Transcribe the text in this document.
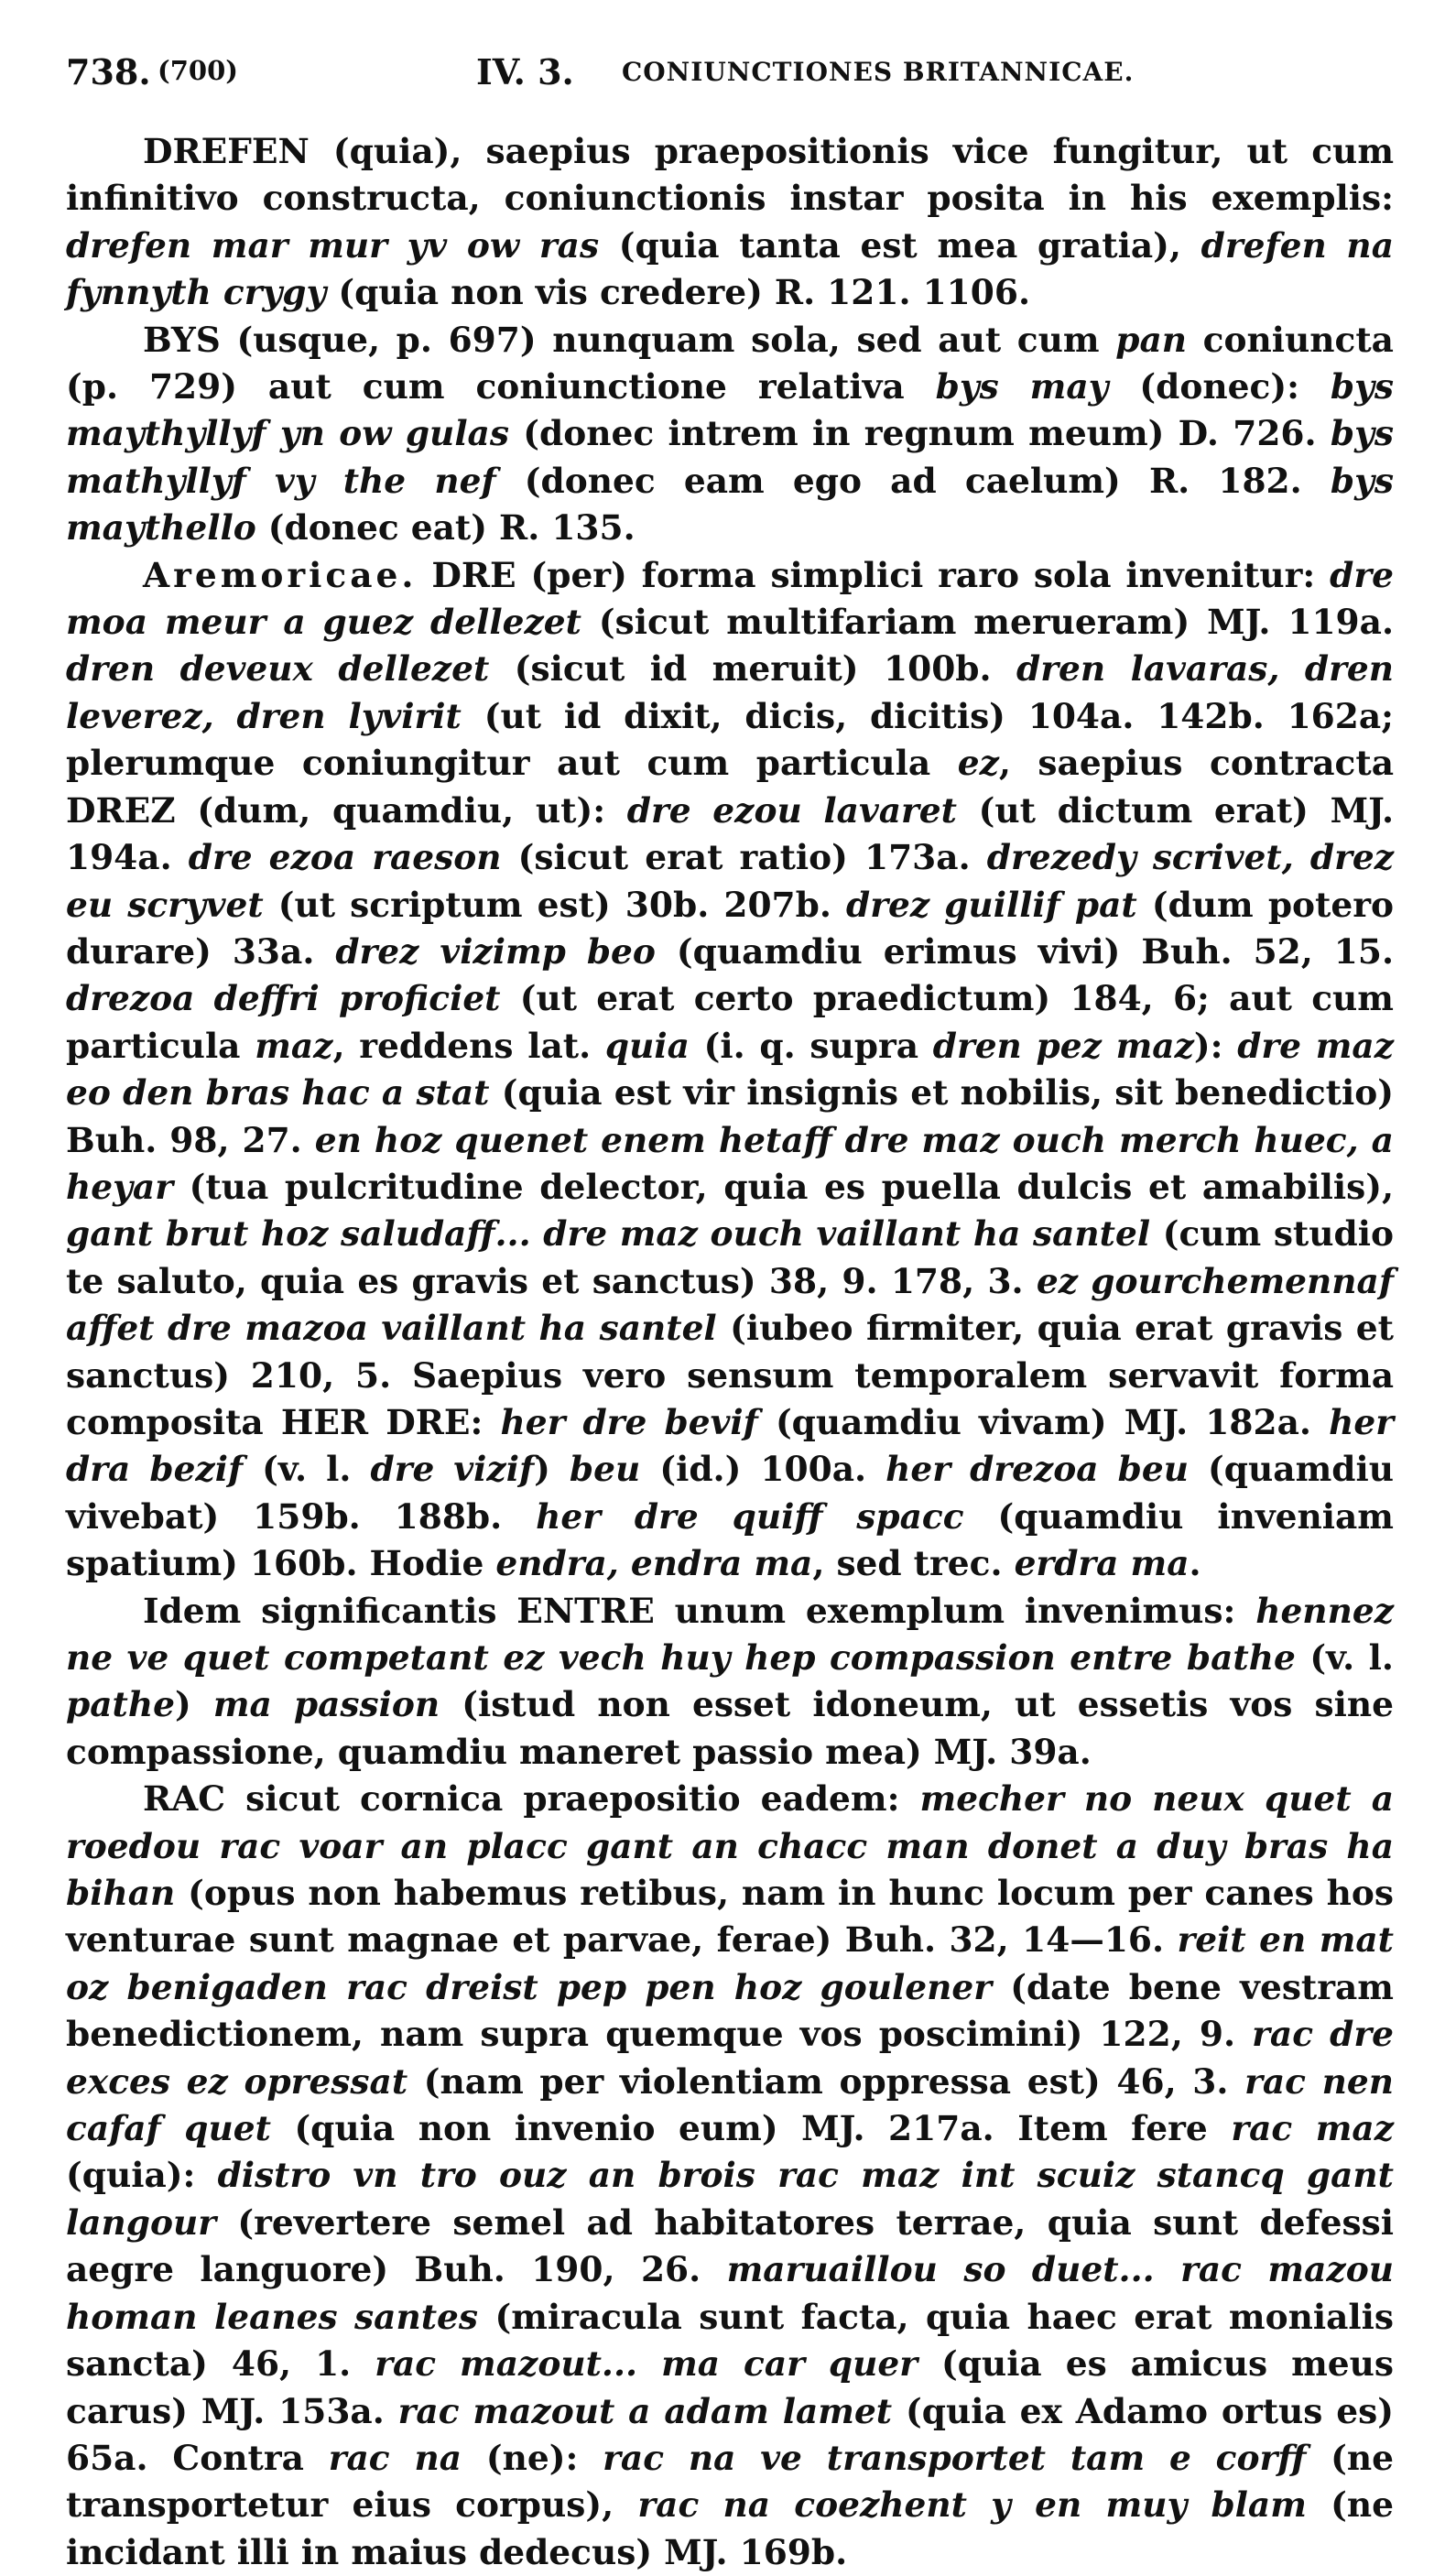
738. (700)	IV. 3. CONIUNCTIONES BRITANNICAE.

DREFEN (quia), saepius praepositionis vice fungitur, ut cum infinitivo constructa, coniunctionis instar posita in his exemplis: drefen mar mur yv ow ras (quia tanta est mea gratia), drefen na fynnyth crygy (quia non vis credere) R. 121. 1106.

BYS (usque, p. 697) nunquam sola, sed aut cum pan coniuncta (p. 729) aut cum coniunctione relativa bys may (donec): bys maythyllyf yn ow gulas (donec intrem in regnum meum) D. 726. bys mathyllyf vy the nef (donec eam ego ad caelum) R. 182. bys maythello (donec eat) R. 135.

Aremoricae. DRE (per) forma simplici raro sola invenitur: dre moa meur a guez dellezet (sicut multifariam merueram) MJ. 119a. dren deveux dellezet (sicut id meruit) 100b. dren lavaras, dren leverez, dren lyvirit (ut id dixit, dicis, dicitis) 104a. 142b. 162a; plerumque coniungitur aut cum particula ez, saepius contracta DREZ (dum, quamdiu, ut): dre ezou lavaret (ut dictum erat) MJ. 194a. dre ezoa raeson (sicut erat ratio) 173a. drezedy scrivet, drez eu scryvet (ut scriptum est) 30b. 207b. drez guillif pat (dum potero durare) 33a. drez vizimp beo (quamdiu erimus vivi) Buh. 52, 15. drezoa deffri proficiet (ut erat certo praedictum) 184, 6; aut cum particula maz, reddens lat. quia (i. q. supra dren pez maz): dre maz eo den bras hac a stat (quia est vir insignis et nobilis, sit benedictio) Buh. 98, 27. en hoz quenet enem hetaff dre maz ouch merch huec, a heyar (tua pulcritudine delector, quia es puella dulcis et amabilis), gant brut hoz saludaff... dre maz ouch vaillant ha santel (cum studio te saluto, quia es gravis et sanctus) 38, 9. 178, 3. ez gourchemennaf affet dre mazoa vaillant ha santel (iubeo firmiter, quia erat gravis et sanctus) 210, 5. Saepius vero sensum temporalem servavit forma composita HER DRE: her dre bevif (quamdiu vivam) MJ. 182a. her dra bezif (v. l. dre vizif) beu (id.) 100a. her drezoa beu (quamdiu vivebat) 159b. 188b. her dre quiff spacc (quamdiu inveniam spatium) 160b. Hodie endra, endra ma, sed trec. erdra ma.

Idem significantis ENTRE unum exemplum invenimus: hennez ne ve quet competant ez vech huy hep compassion entre bathe (v. l. pathe) ma passion (istud non esset idoneum, ut essetis vos sine compassione, quamdiu maneret passio mea) MJ. 39a.

RAC sicut cornica praepositio eadem: mecher no neux quet a roedou rac voar an placc gant an chacc man donet a duy bras ha bihan (opus non habemus retibus, nam in hunc locum per canes hos venturae sunt magnae et parvae, ferae) Buh. 32, 14—16. reit en mat oz benigaden rac dreist pep pen hoz goulener (date bene vestram benedictionem, nam supra quemque vos poscimini) 122, 9. rac dre exces ez opressat (nam per violentiam oppressa est) 46, 3. rac nen cafaf quet (quia non invenio eum) MJ. 217a. Item fere rac maz (quia): distro vn tro ouz an brois rac maz int scuiz stancq gant langour (revertere semel ad habitatores terrae, quia sunt defessi aegre languore) Buh. 190, 26. maruaillou so duet... rac mazou homan leanes santes (miracula sunt facta, quia haec erat monialis sancta) 46, 1. rac mazout... ma car quer (quia es amicus meus carus) MJ. 153a. rac mazout a adam lamet (quia ex Adamo ortus es) 65a. Contra rac na (ne): rac na ve transportet tam e corff (ne transportetur eius corpus), rac na coezhent y en muy blam (ne incidant illi in maius dedecus) MJ. 169b.
